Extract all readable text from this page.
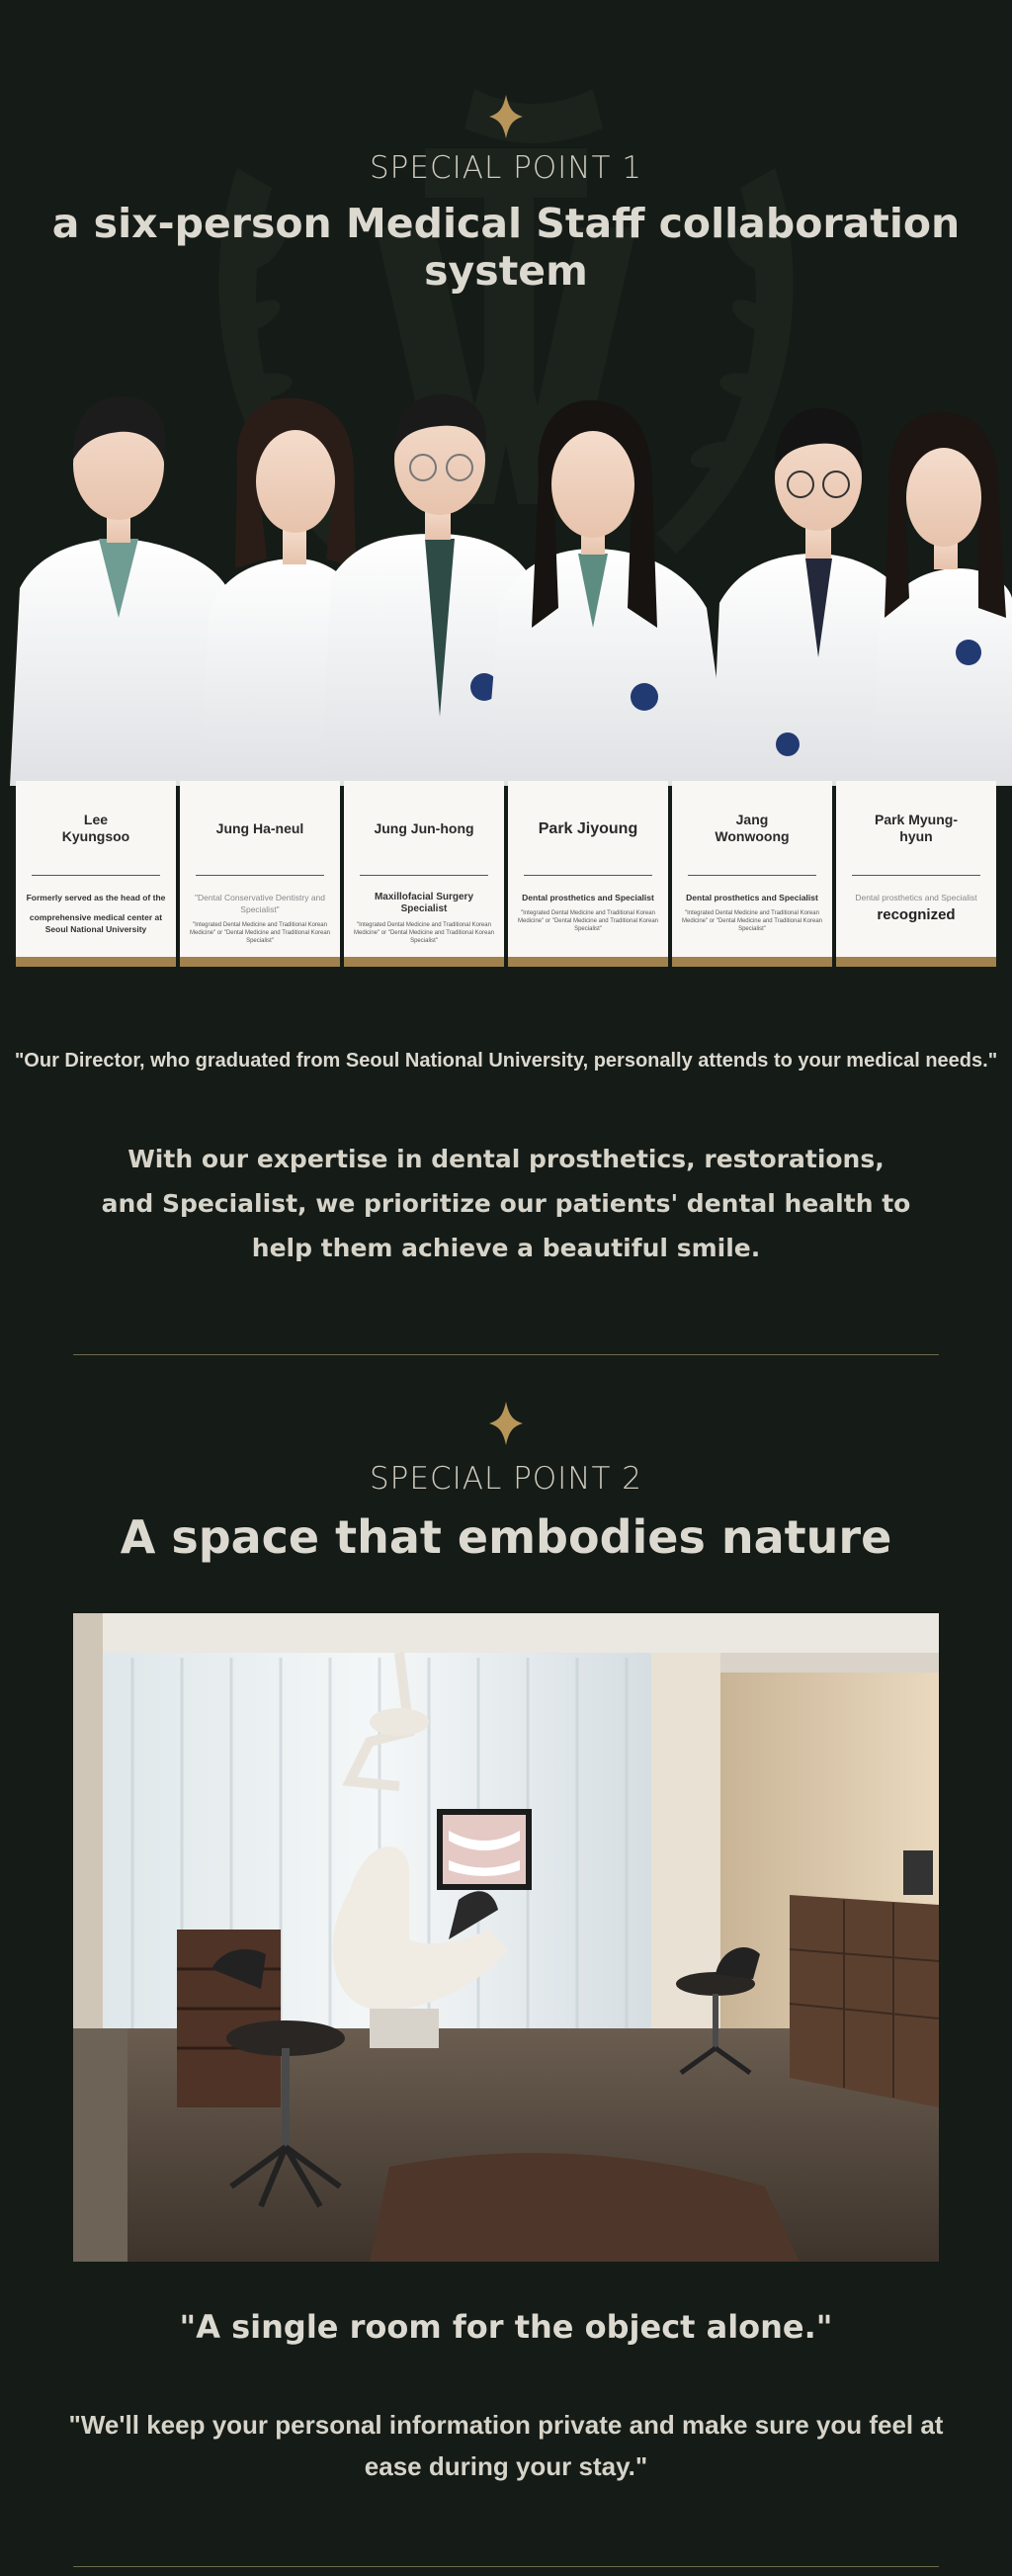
SPECIAL POINT 1
a six-person Medical Staff collaboration system
Lee
Kyungsoo
Formerly served as the head of the
comprehensive medical center at Seoul National University
Jung Ha-neul
"Dental Conservative Dentistry and Specialist"
"Integrated Dental Medicine and Traditional Korean Medicine" or "Dental Medicine and Traditional Korean Specialist"
Jung Jun-hong
Maxillofacial Surgery Specialist
"Integrated Dental Medicine and Traditional Korean Medicine" or "Dental Medicine and Traditional Korean Specialist"
Park Jiyoung
Dental prosthetics and Specialist
"Integrated Dental Medicine and Traditional Korean Medicine" or "Dental Medicine and Traditional Korean Specialist"
Jang
Wonwoong
Dental prosthetics and Specialist
"Integrated Dental Medicine and Traditional Korean Medicine" or "Dental Medicine and Traditional Korean Specialist"
Park Myung-
hyun
Dental prosthetics and Specialist
recognized
"Our Director, who graduated from Seoul National University, personally attends to your medical needs."
With our expertise in dental prosthetics, restorations, and Specialist, we prioritize our patients' dental health to help them achieve a beautiful smile.
SPECIAL POINT 2
A space that embodies nature
"A single room for the object alone."
"We'll keep your personal information private and make sure you feel at ease during your stay."
